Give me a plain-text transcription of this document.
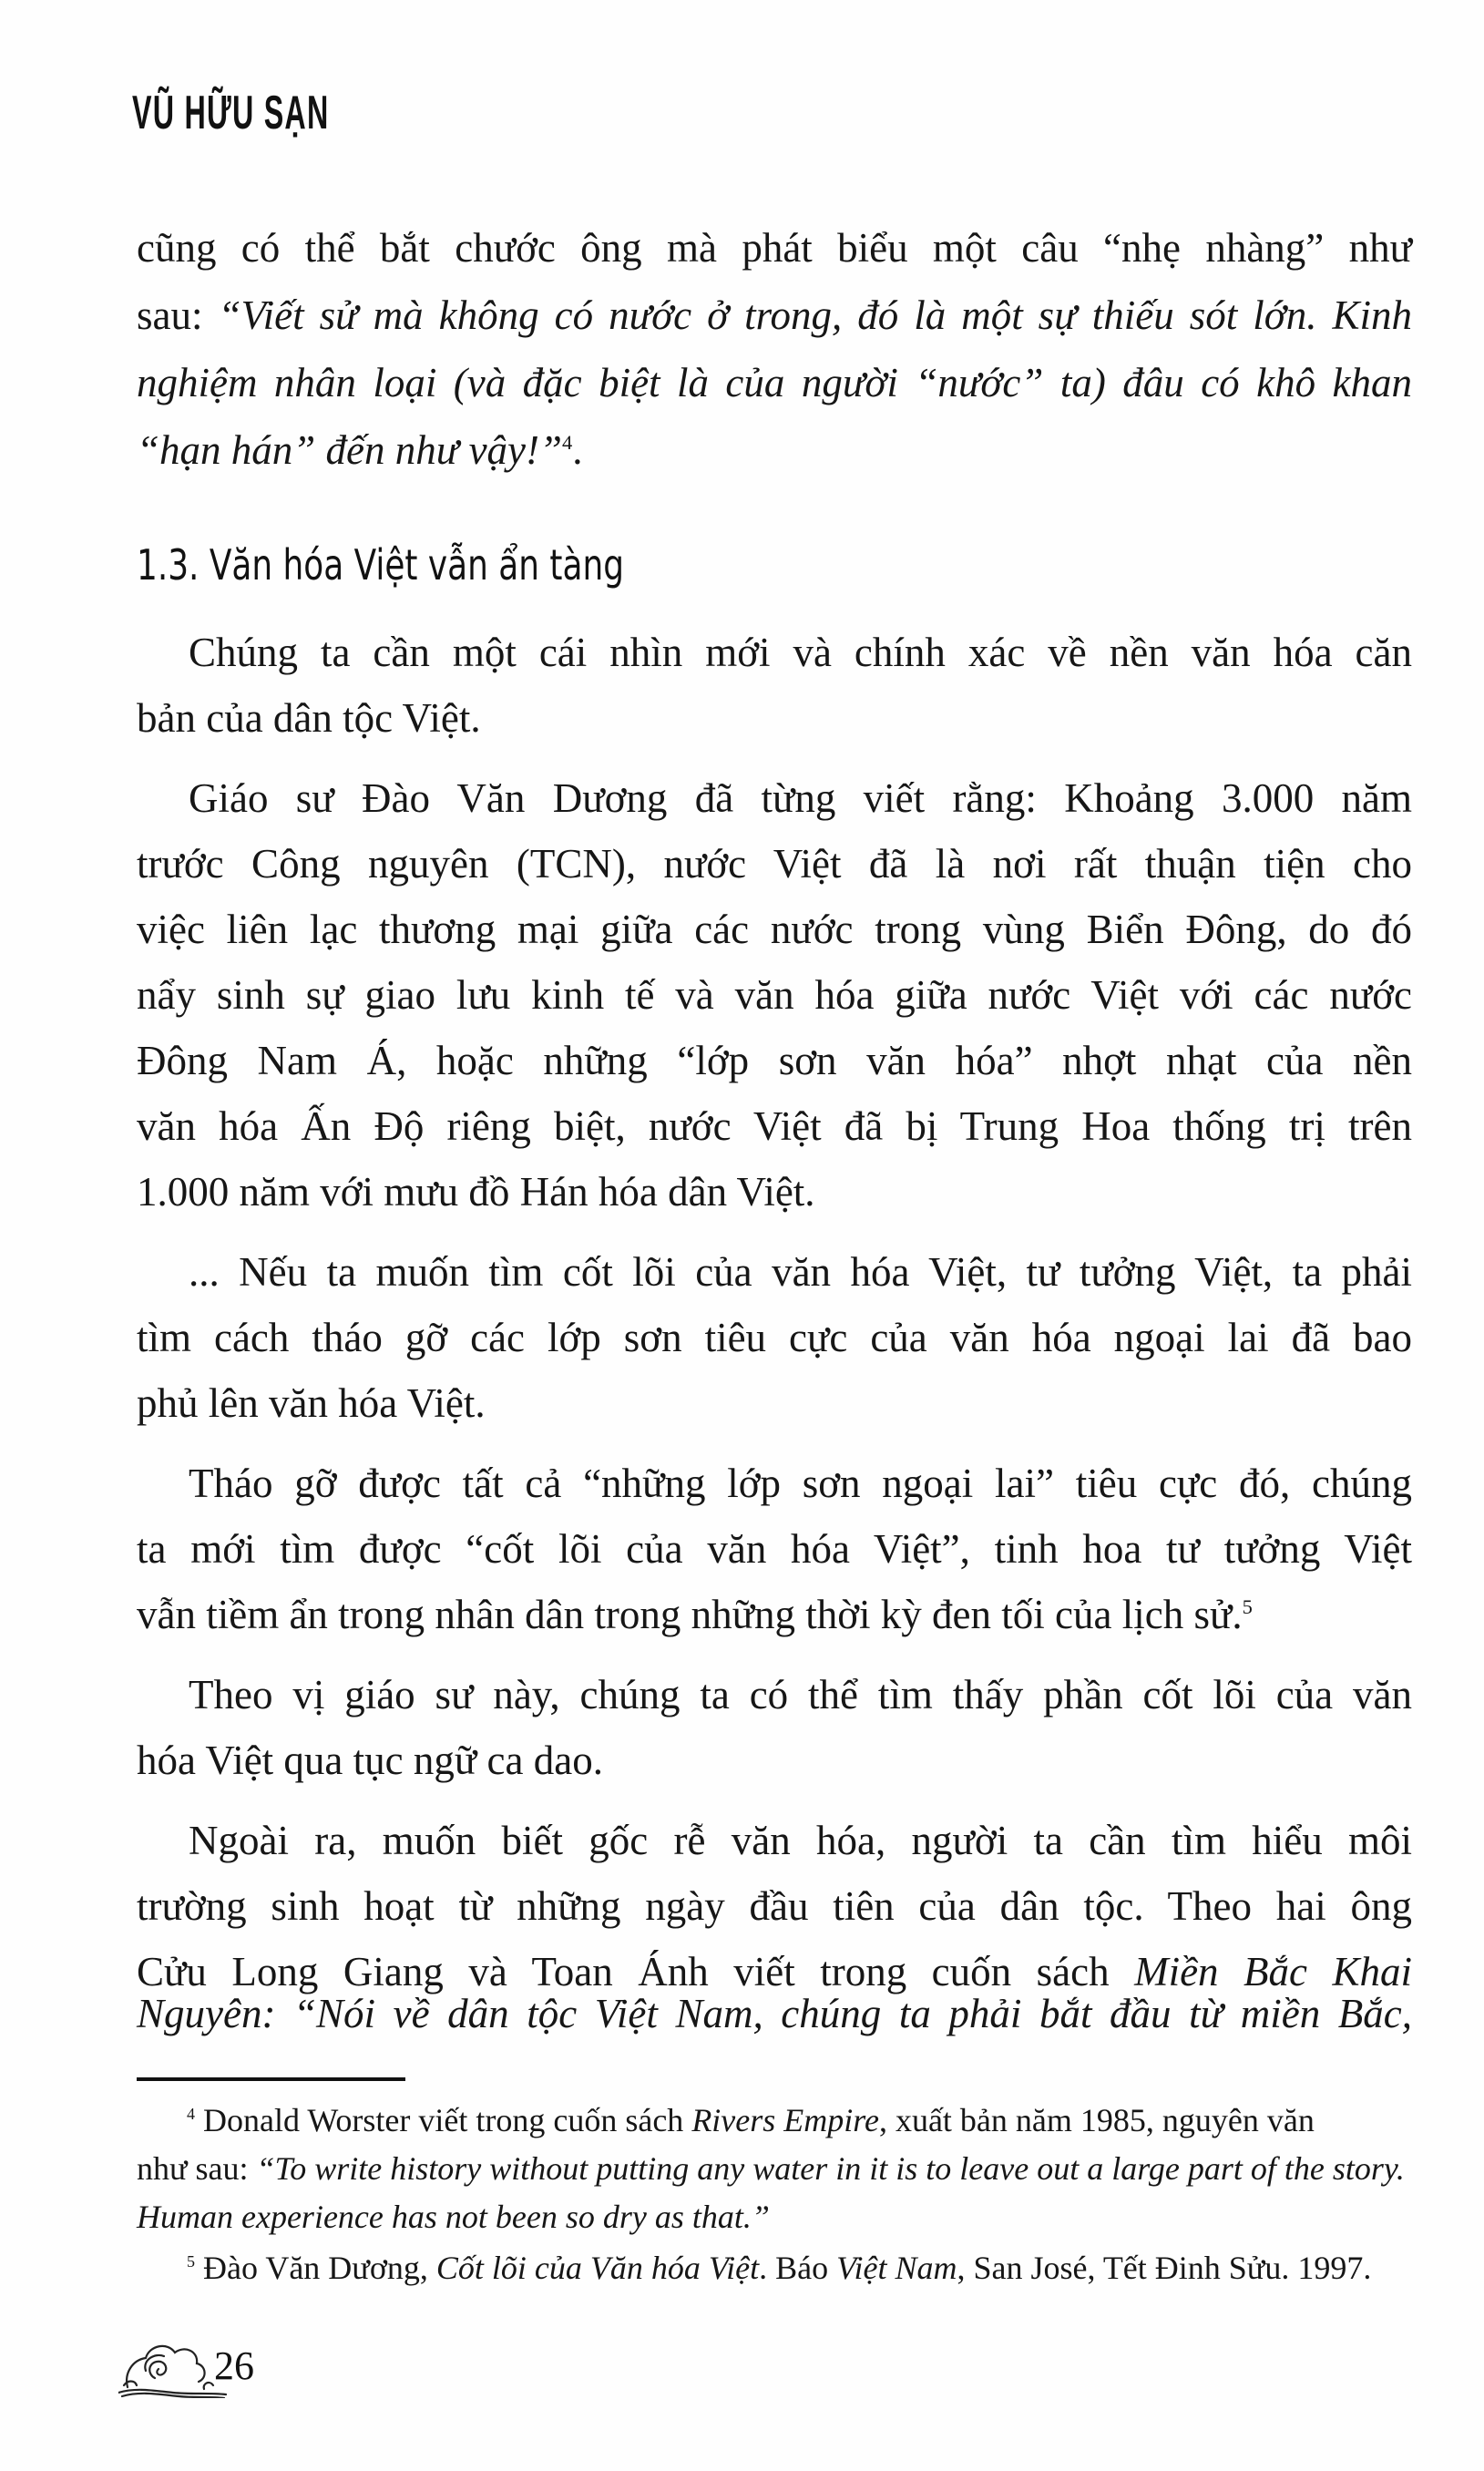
VŨ HỮU SẠN
cũng có thể bắt chước ông mà phát biểu một câu “nhẹ nhàng” như
sau: “Viết sử mà không có nước ở trong, đó là một sự thiếu sót lớn. Kinh
nghiệm nhân loại (và đặc biệt là của người “nước” ta) đâu có khô khan
“hạn hán” đến như vậy!”$^4$.
1.3. Văn hóa Việt vẫn ẩn tàng
Chúng ta cần một cái nhìn mới và chính xác về nền văn hóa căn
bản của dân tộc Việt.
Giáo sư Đào Văn Dương đã từng viết rằng: Khoảng 3.000 năm
trước Công nguyên (TCN), nước Việt đã là nơi rất thuận tiện cho
việc liên lạc thương mại giữa các nước trong vùng Biển Đông, do đó
nẩy sinh sự giao lưu kinh tế và văn hóa giữa nước Việt với các nước
Đông Nam Á, hoặc những “lớp sơn văn hóa” nhợt nhạt của nền
văn hóa Ấn Độ riêng biệt, nước Việt đã bị Trung Hoa thống trị trên
1.000 năm với mưu đồ Hán hóa dân Việt.
... Nếu ta muốn tìm cốt lõi của văn hóa Việt, tư tưởng Việt, ta phải
tìm cách tháo gỡ các lớp sơn tiêu cực của văn hóa ngoại lai đã bao
phủ lên văn hóa Việt.
Tháo gỡ được tất cả “những lớp sơn ngoại lai” tiêu cực đó, chúng
ta mới tìm được “cốt lõi của văn hóa Việt”, tinh hoa tư tưởng Việt
vẫn tiềm ẩn trong nhân dân trong những thời kỳ đen tối của lịch sử.$^5$
Theo vị giáo sư này, chúng ta có thể tìm thấy phần cốt lõi của văn
hóa Việt qua tục ngữ ca dao.
Ngoài ra, muốn biết gốc rễ văn hóa, người ta cần tìm hiểu môi
trường sinh hoạt từ những ngày đầu tiên của dân tộc. Theo hai ông
Cửu Long Giang và Toan Ánh viết trong cuốn sách Miền Bắc Khai
Nguyên: “Nói về dân tộc Việt Nam, chúng ta phải bắt đầu từ miền Bắc,
$^4$ Donald Worster viết trong cuốn sách Rivers Empire, xuất bản năm 1985, nguyên văn
như sau: “To write history without putting any water in it is to leave out a large part of the story.
Human experience has not been so dry as that.”
$^5$ Đào Văn Dương, Cốt lõi của Văn hóa Việt. Báo Việt Nam, San José, Tết Đinh Sửu. 1997.
26
